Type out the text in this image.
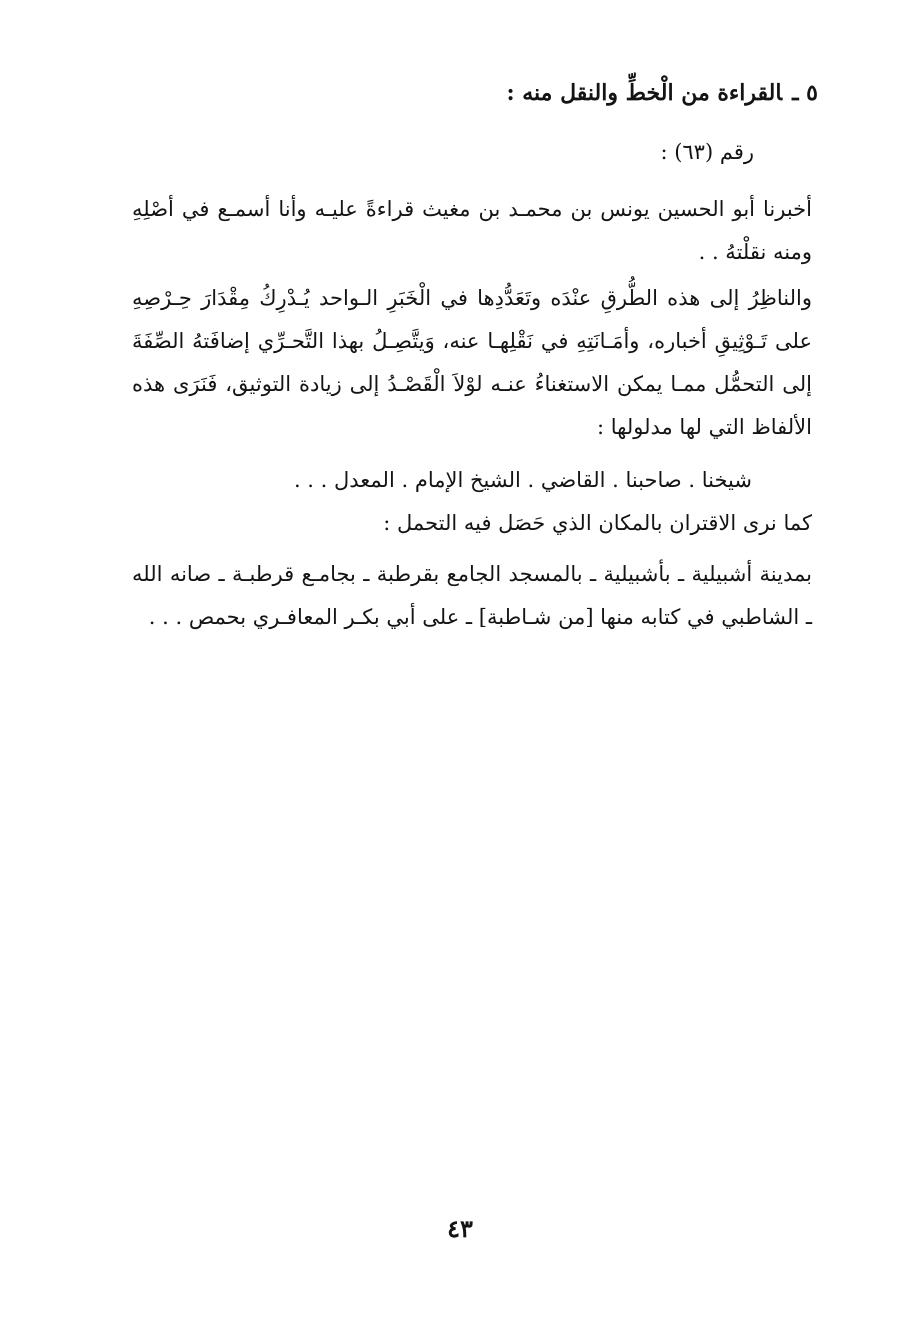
٥ ـالقراءة من الْخطِّ والنقل منه :
رقم (٦٣) :
أخبرنا أبو الحسين يونس بن محمـد بن مغيث قراءةً عليـه وأنا أسمـع في أصْلِهِ ومنه نقلْتهُ . .
والناظِرُ إلى هذه الطُّرقِ عنْدَه وتَعَدُّدِها في الْخَبَرِ الـواحد يُـدْرِكُ مِقْدَارَ حِـرْصِهِ على تَـوْثِيقِ أخباره، وأمَـانَتِهِ في نَقْلِهـا عنه، وَيتَّصِـلُ بهذا التَّحـرِّي إضافَتهُ الصِّفَةَ إلى التحمُّل ممـا يمكن الاستغناءُ عنـه لوْلاَ الْقَصْـدُ إلى زيادة التوثيق، فَنَرَى هذه الألفاظ التي لها مدلولها :
شيخنا . صاحبنا . القاضي . الشيخ الإمام . المعدل . . .
كما نرى الاقتران بالمكان الذي حَصَل فيه التحمل :
بمدينة أشبيلية ـ بأشبيلية ـ بالمسجد الجامع بقرطبة ـ بجامـع قرطبـة ـ صانه الله ـ الشاطبي في كتابه منها [من شـاطبة] ـ على أبي بكـر المعافـري بحمص . . .
٤٣
